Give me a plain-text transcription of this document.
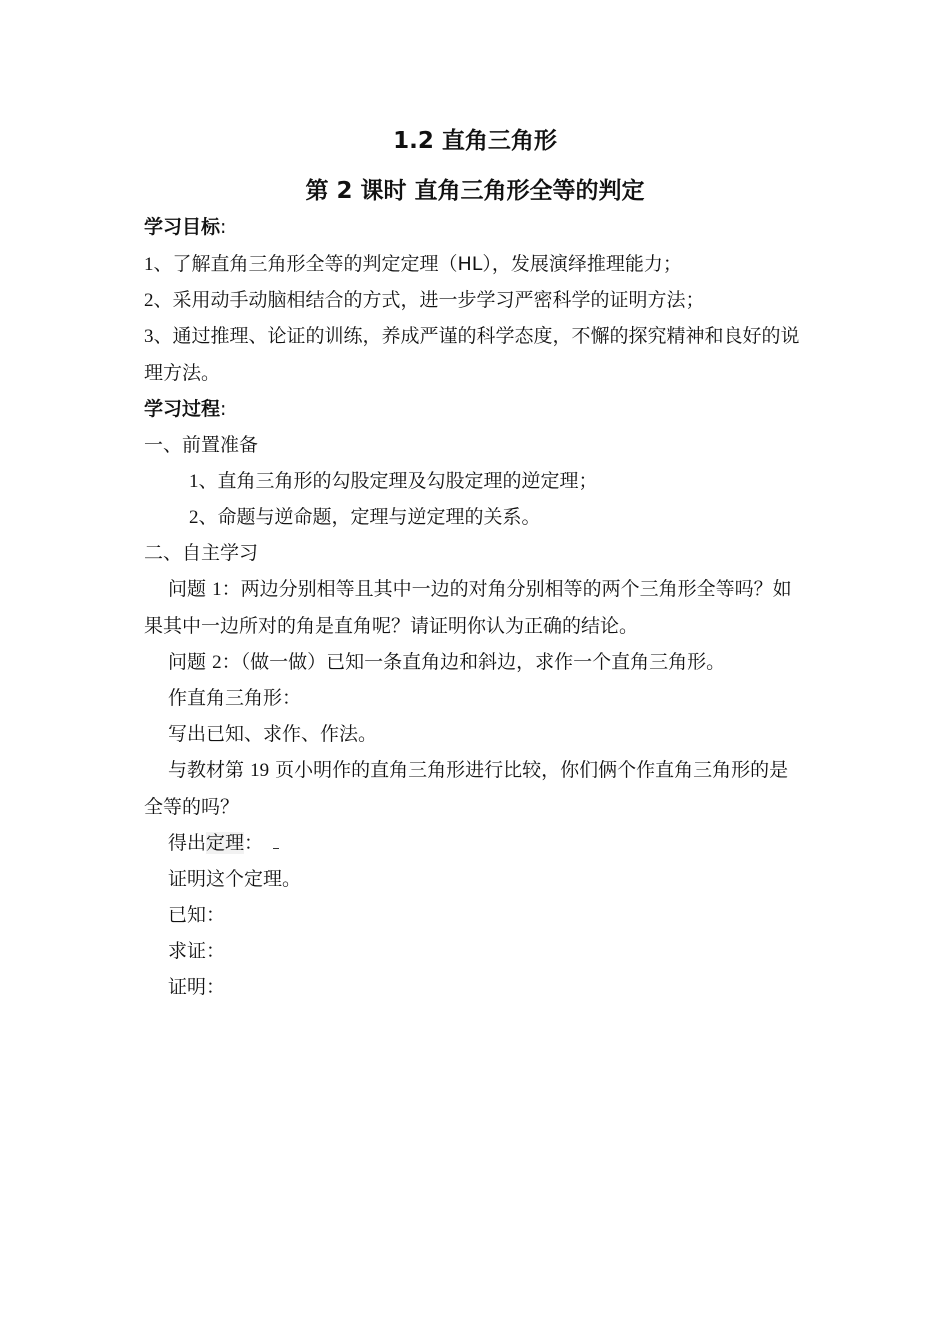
1.2 直角三角形
第 2 课时 直角三角形全等的判定

学习目标:

1、了解直角三角形全等的判定定理（HL），发展演绎推理能力；

2、采用动手动脑相结合的方式，进一步学习严密科学的证明方法；

3、通过推理、论证的训练，养成严谨的科学态度，不懈的探究精神和良好的说

理方法。

学习过程:

一、前置准备

1、直角三角形的勾股定理及勾股定理的逆定理；

2、命题与逆命题，定理与逆定理的关系。

二、自主学习

问题 1：两边分别相等且其中一边的对角分别相等的两个三角形全等吗？如

果其中一边所对的角是直角呢？请证明你认为正确的结论。

问题 2：（做一做）已知一条直角边和斜边，求作一个直角三角形。

作直角三角形：

写出已知、求作、作法。

与教材第 19 页小明作的直角三角形进行比较，你们俩个作直角三角形的是

全等的吗？

得出定理：

证明这个定理。

已知：

求证：

证明：
